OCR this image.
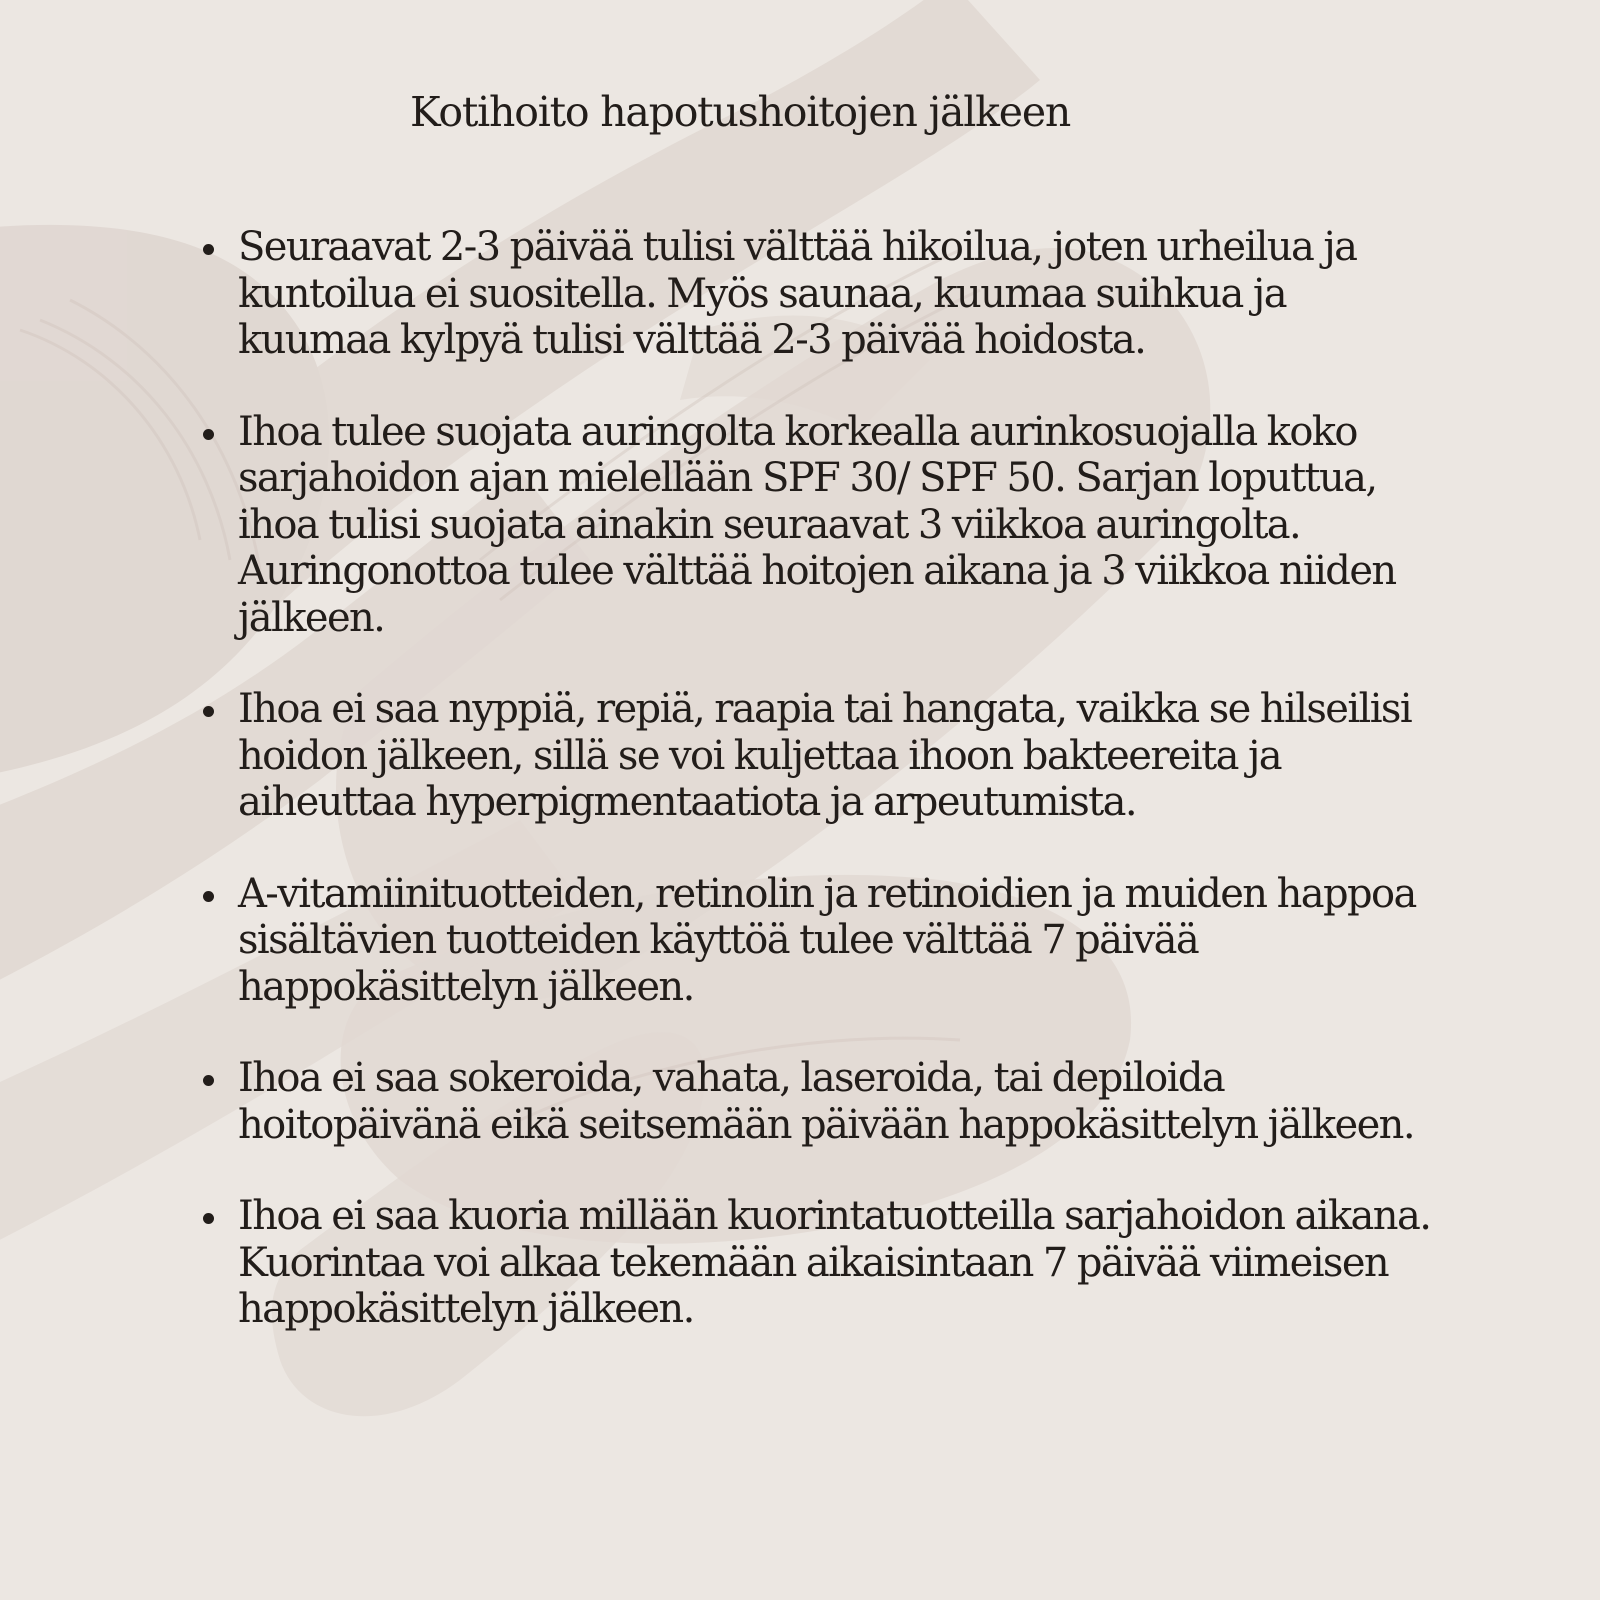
Kotihoito hapotushoitojen jälkeen
Seuraavat 2-3 päivää tulisi välttää hikoilua, joten urheilua ja kuntoilua ei suositella. Myös saunaa, kuumaa suihkua ja kuumaa kylpyä tulisi välttää 2-3 päivää hoidosta.
Ihoa tulee suojata auringolta korkealla aurinkosuojalla koko sarjahoidon ajan mielellään SPF 30/ SPF 50. Sarjan loputtua, ihoa tulisi suojata ainakin seuraavat 3 viikkoa auringolta. Auringonottoa tulee välttää hoitojen aikana ja 3 viikkoa niiden jälkeen.
Ihoa ei saa nyppiä, repiä, raapia tai hangata, vaikka se hilseilisi hoidon jälkeen, sillä se voi kuljettaa ihoon bakteereita ja aiheuttaa hyperpigmentaatiota ja arpeutumista.
A-vitamiinituotteiden, retinolin ja retinoidien ja muiden happoa sisältävien tuotteiden käyttöä tulee välttää 7 päivää happokäsittelyn jälkeen.
Ihoa ei saa sokeroida, vahata, laseroida, tai depiloida hoitopäivänä eikä seitsemään päivään happokäsittelyn jälkeen.
Ihoa ei saa kuoria millään kuorintatuotteilla sarjahoidon aikana. Kuorintaa voi alkaa tekemään aikaisintaan 7 päivää viimeisen happokäsittelyn jälkeen.
